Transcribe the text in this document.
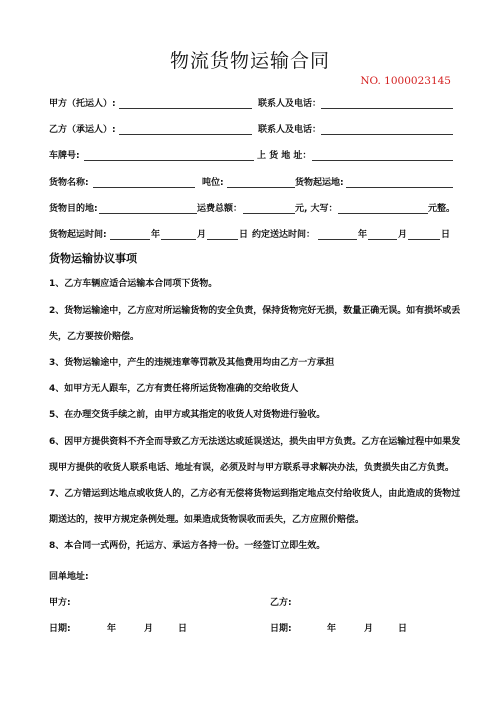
物流货物运输合同
NO. 1000023145
甲方（托运人）:	联系人及电话：
乙方（承运人）:	联系人及电话：
车牌号:	上 货 地 址：
货物名称:	吨位:	货物起运地:
货物目的地:	运费总额：	元, 大写：	元整。
货物起运时间:	年	月	日 约定送达时间：	年	月	日
货物运输协议事项
1、乙方车辆应适合运输本合同项下货物。
2、货物运输途中，乙方应对所运输货物的安全负责，保持货物完好无损，数量正确无误。如有损坏或丢
失，乙方要按价赔偿。
3、货物运输途中，产生的违规违章等罚款及其他费用均由乙方一方承担
4、如甲方无人跟车，乙方有责任将所运货物准确的交给收货人
5、在办理交货手续之前，由甲方或其指定的收货人对货物进行验收。
6、因甲方提供资料不齐全而导致乙方无法送达或延误送达，损失由甲方负责。乙方在运输过程中如果发
现甲方提供的收货人联系电话、地址有误，必须及时与甲方联系寻求解决办法，负责损失由乙方负责。
7、乙方错运到达地点或收货人的，乙方必有无偿将货物运到指定地点交付给收货人，由此造成的货物过
期送达的，按甲方规定条例处理。如果造成货物误收而丢失，乙方应照价赔偿。
8、本合同一式两份，托运方、承运方各持一份。一经签订立即生效。
回单地址:
甲方:	乙方:
日期:	年	月	日	日期:	年	月	日
